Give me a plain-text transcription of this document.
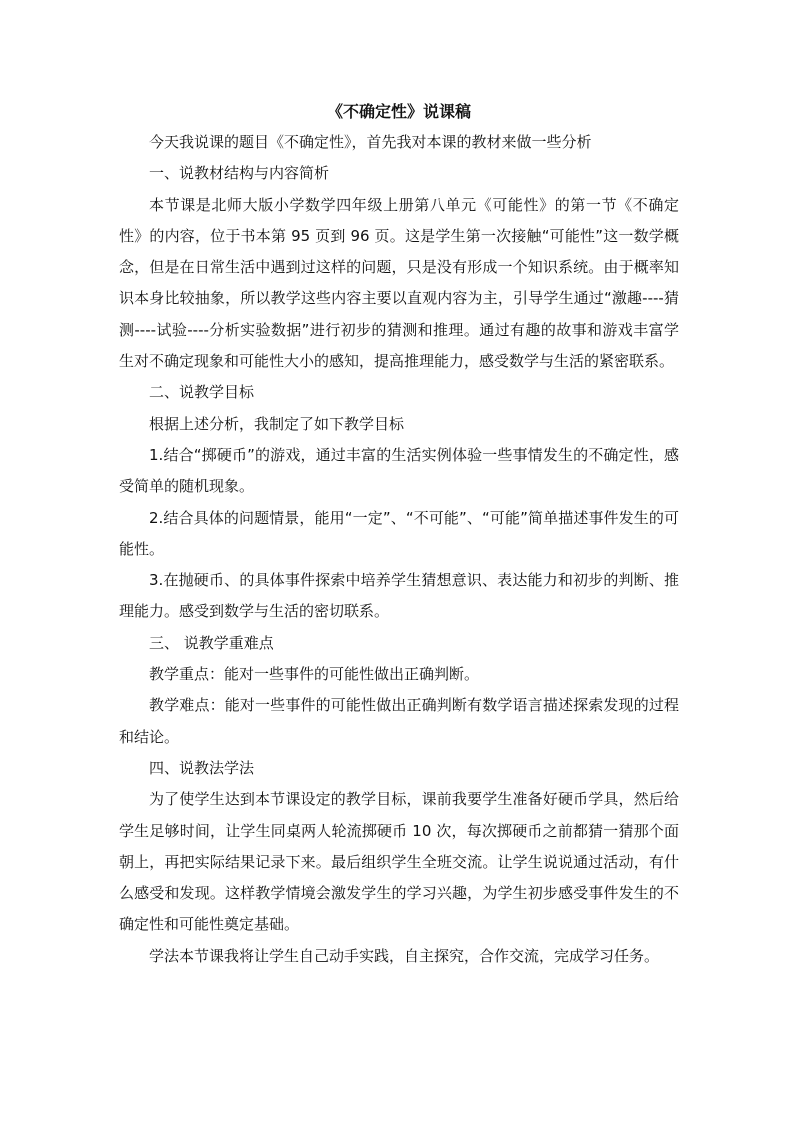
《不确定性》说课稿

今天我说课的题目《不确定性》，首先我对本课的教材来做一些分析

一、说教材结构与内容简析

本节课是北师大版小学数学四年级上册第八单元《可能性》的第一节《不确定性》的内容，位于书本第 95 页到 96 页。这是学生第一次接触“可能性”这一数学概念，但是在日常生活中遇到过这样的问题，只是没有形成一个知识系统。由于概率知识本身比较抽象，所以教学这些内容主要以直观内容为主，引导学生通过“激趣----猜测----试验----分析实验数据”进行初步的猜测和推理。通过有趣的故事和游戏丰富学生对不确定现象和可能性大小的感知，提高推理能力，感受数学与生活的紧密联系。

二、说教学目标

根据上述分析，我制定了如下教学目标

1.结合“掷硬币”的游戏，通过丰富的生活实例体验一些事情发生的不确定性，感受简单的随机现象。

2.结合具体的问题情景，能用“一定”、“不可能”、“可能”简单描述事件发生的可能性。

3.在抛硬币、的具体事件探索中培养学生猜想意识、表达能力和初步的判断、推理能力。感受到数学与生活的密切联系。

三、 说教学重难点

教学重点：能对一些事件的可能性做出正确判断。

教学难点：能对一些事件的可能性做出正确判断有数学语言描述探索发现的过程和结论。

四、说教法学法

为了使学生达到本节课设定的教学目标，课前我要学生准备好硬币学具，然后给学生足够时间，让学生同桌两人轮流掷硬币 10 次，每次掷硬币之前都猜一猜那个面朝上，再把实际结果记录下来。最后组织学生全班交流。让学生说说通过活动，有什么感受和发现。这样教学情境会激发学生的学习兴趣，为学生初步感受事件发生的不确定性和可能性奠定基础。

学法本节课我将让学生自己动手实践，自主探究，合作交流，完成学习任务。
